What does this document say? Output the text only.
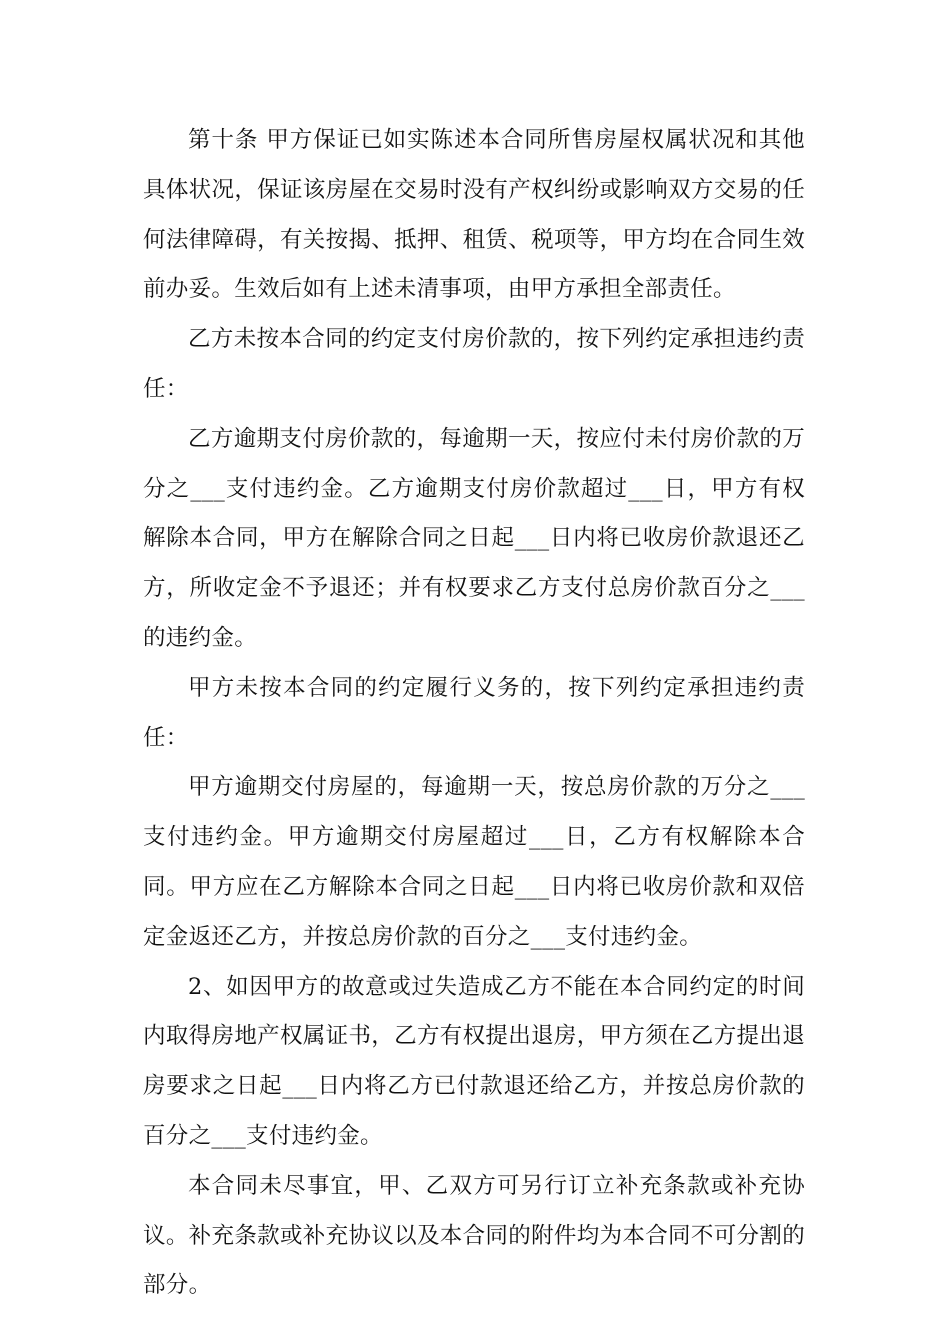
第十条 甲方保证已如实陈述本合同所售房屋权属状况和其他具体状况，保证该房屋在交易时没有产权纠纷或影响双方交易的任何法律障碍，有关按揭、抵押、租赁、税项等，甲方均在合同生效前办妥。生效后如有上述未清事项，由甲方承担全部责任。

乙方未按本合同的约定支付房价款的，按下列约定承担违约责任：

乙方逾期支付房价款的，每逾期一天，按应付未付房价款的万分之___支付违约金。乙方逾期支付房价款超过___日，甲方有权解除本合同，甲方在解除合同之日起___日内将已收房价款退还乙方，所收定金不予退还；并有权要求乙方支付总房价款百分之___的违约金。

甲方未按本合同的约定履行义务的，按下列约定承担违约责任：

甲方逾期交付房屋的，每逾期一天，按总房价款的万分之___支付违约金。甲方逾期交付房屋超过___日，乙方有权解除本合同。甲方应在乙方解除本合同之日起___日内将已收房价款和双倍定金返还乙方，并按总房价款的百分之___支付违约金。

2、如因甲方的故意或过失造成乙方不能在本合同约定的时间内取得房地产权属证书，乙方有权提出退房，甲方须在乙方提出退房要求之日起___日内将乙方已付款退还给乙方，并按总房价款的百分之___支付违约金。

本合同未尽事宜，甲、乙双方可另行订立补充条款或补充协议。补充条款或补充协议以及本合同的附件均为本合同不可分割的部分。
